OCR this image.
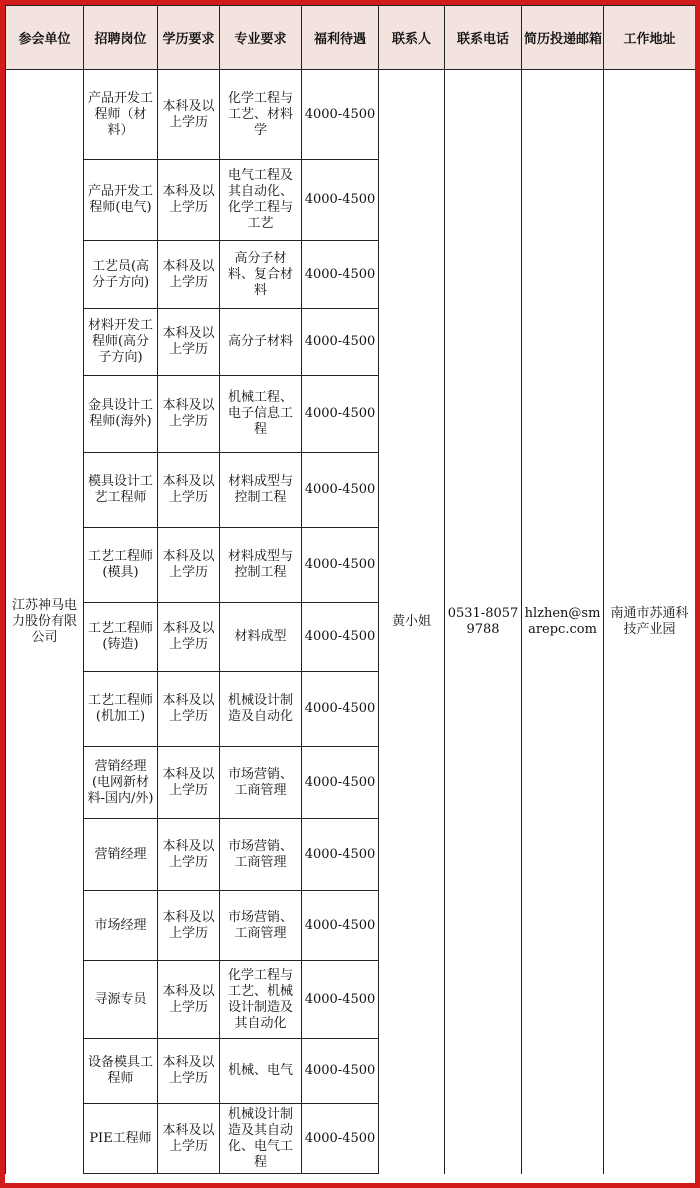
参会单位	招聘岗位	学历要求	专业要求	福利待遇	联系人	联系电话	简历投递邮箱	工作地址
江苏神马电力股份有限公司	产品开发工程师（材料）	本科及以上学历	化学工程与工艺、材料学	4000-4500	黄小姐	0531-80579788	hlzhen@smarepc.com	南通市苏通科技产业园
	产品开发工程师(电气)	本科及以上学历	电气工程及其自动化、化学工程与工艺	4000-4500				
	工艺员(高分子方向)	本科及以上学历	高分子材料、复合材料	4000-4500				
	材料开发工程师(高分子方向)	本科及以上学历	高分子材料	4000-4500				
	金具设计工程师(海外)	本科及以上学历	机械工程、电子信息工程	4000-4500				
	模具设计工艺工程师	本科及以上学历	材料成型与控制工程	4000-4500				
	工艺工程师(模具)	本科及以上学历	材料成型与控制工程	4000-4500				
	工艺工程师(铸造)	本科及以上学历	材料成型	4000-4500				
	工艺工程师(机加工)	本科及以上学历	机械设计制造及自动化	4000-4500				
	营销经理(电网新材料-国内/外)	本科及以上学历	市场营销、工商管理	4000-4500				
	营销经理	本科及以上学历	市场营销、工商管理	4000-4500				
	市场经理	本科及以上学历	市场营销、工商管理	4000-4500				
	寻源专员	本科及以上学历	化学工程与工艺、机械设计制造及其自动化	4000-4500				
	设备模具工程师	本科及以上学历	机械、电气	4000-4500				
	PIE工程师	本科及以上学历	机械设计制造及其自动化、电气工程	4000-4500				
